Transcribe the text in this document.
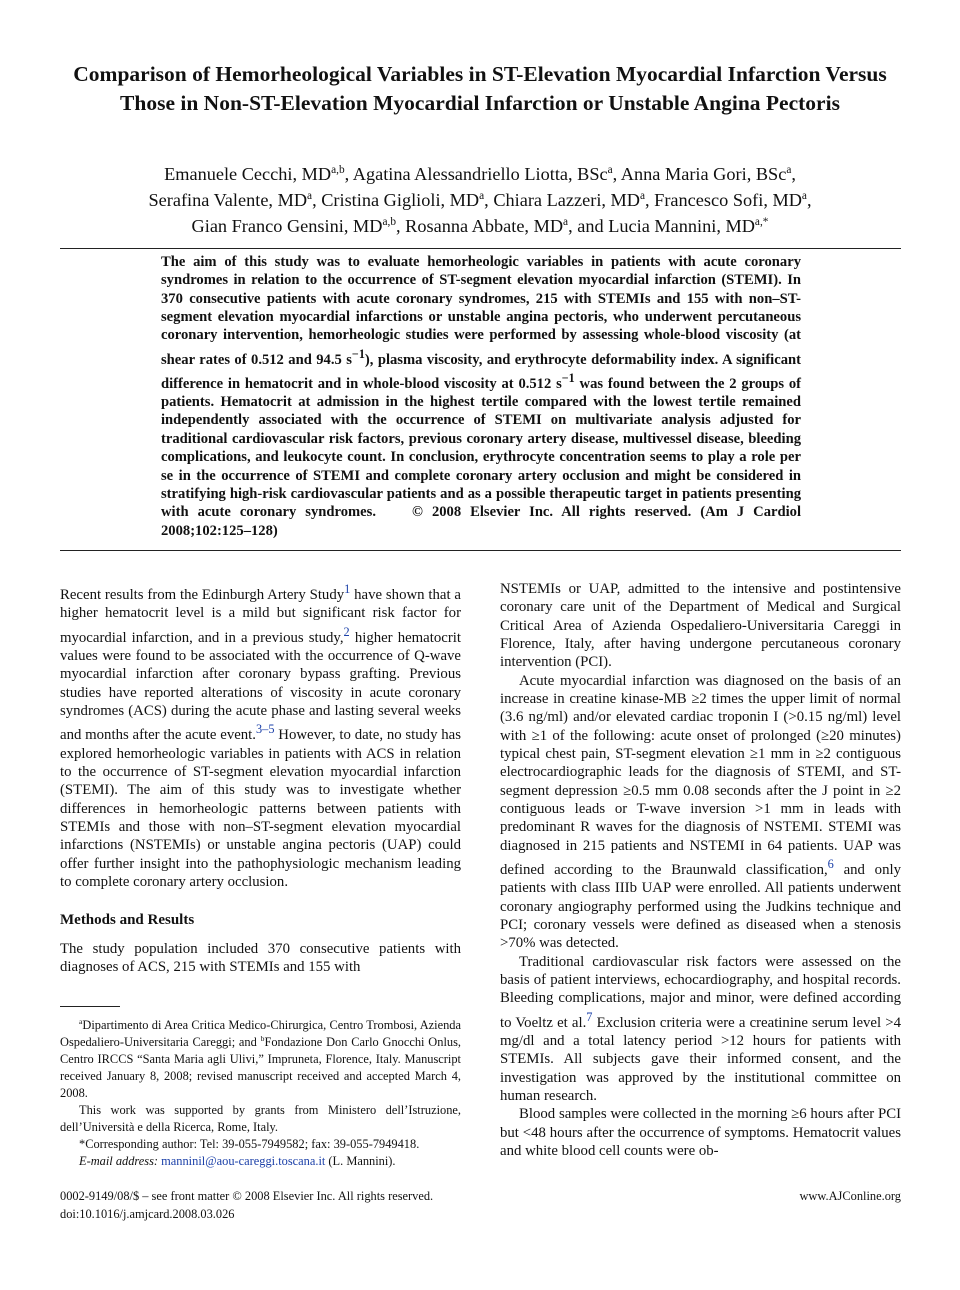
Comparison of Hemorheological Variables in ST-Elevation Myocardial Infarction Versus Those in Non-ST-Elevation Myocardial Infarction or Unstable Angina Pectoris
Emanuele Cecchi, MD$^{a,b}$, Agatina Alessandriello Liotta, BSc$^a$, Anna Maria Gori, BSc$^a$,
Serafina Valente, $MD^a$, Cristina Giglioli, $MD^a$, Chiara Lazzeri, $MD^a$, Francesco Sofi, $MD^a$,
Gian Franco Gensini, MD$^{a,b}$, Rosanna Abbate, $MD^a$, and Lucia Mannini, $MD^{a,*}$

The aim of this study was to evaluate hemorheologic variables in patients with acute coronary syndromes in relation to the occurrence of ST-segment elevation myocardial infarction (STEMI). In 370 consecutive patients with acute coronary syndromes, 215 with STEMIs and 155 with non–ST-segment elevation myocardial infarctions or unstable angina pectoris, who underwent percutaneous coronary intervention, hemorheologic studies were performed by assessing whole-blood viscosity (at shear rates of 0.512 and 94.5 $s^{-1}$), plasma viscosity, and erythrocyte deformability index. A significant difference in hematocrit and in whole-blood viscosity at 0.512 $s^{-1}$ was found between the 2 groups of patients. Hematocrit at admission in the highest tertile compared with the lowest tertile remained independently associated with the occurrence of STEMI on multivariate analysis adjusted for traditional cardiovascular risk factors, previous coronary artery disease, multivessel disease, bleeding complications, and leukocyte count. In conclusion, erythrocyte concentration seems to play a role per se in the occurrence of STEMI and complete coronary artery occlusion and might be considered in stratifying high-risk cardiovascular patients and as a possible therapeutic target in patients presenting with acute coronary syndromes. © 2008 Elsevier Inc. All rights reserved. (Am J Cardiol 2008;102:125–128)

Recent results from the Edinburgh Artery Study$^1$ have shown that a higher hematocrit level is a mild but significant risk factor for myocardial infarction, and in a previous study,$^2$ higher hematocrit values were found to be associated with the occurrence of Q-wave myocardial infarction after coronary bypass grafting. Previous studies have reported alterations of viscosity in acute coronary syndromes (ACS) during the acute phase and lasting several weeks and months after the acute event.$^{3-5}$ However, to date, no study has explored hemorheologic variables in patients with ACS in relation to the occurrence of ST-segment elevation myocardial infarction (STEMI). The aim of this study was to investigate whether differences in hemorheologic patterns between patients with STEMIs and those with non–ST-segment elevation myocardial infarctions (NSTEMIs) or unstable angina pectoris (UAP) could offer further insight into the pathophysiologic mechanism leading to complete coronary artery occlusion.

Methods and Results

The study population included 370 consecutive patients with diagnoses of ACS, 215 with STEMIs and 155 with

$^a$Dipartimento di Area Critica Medico-Chirurgica, Centro Trombosi, Azienda Ospedaliero-Universitaria Careggi; and $^b$Fondazione Don Carlo Gnocchi Onlus, Centro IRCCS “Santa Maria agli Ulivi,” Impruneta, Florence, Italy. Manuscript received January 8, 2008; revised manuscript received and accepted March 4, 2008.

This work was supported by grants from Ministero dell’Istruzione, dell’Università e della Ricerca, Rome, Italy.

*Corresponding author: Tel: 39-055-7949582; fax: 39-055-7949418.

E-mail address: manninil@aou-careggi.toscana.it (L. Mannini).

NSTEMIs or UAP, admitted to the intensive and postintensive coronary care unit of the Department of Medical and Surgical Critical Area of Azienda Ospedaliero-Universitaria Careggi in Florence, Italy, after having undergone percutaneous coronary intervention (PCI).

Acute myocardial infarction was diagnosed on the basis of an increase in creatine kinase-MB ≥2 times the upper limit of normal (3.6 ng/ml) and/or elevated cardiac troponin I (>0.15 ng/ml) level with ≥1 of the following: acute onset of prolonged (≥20 minutes) typical chest pain, ST-segment elevation ≥1 mm in ≥2 contiguous electrocardiographic leads for the diagnosis of STEMI, and ST-segment depression ≥0.5 mm 0.08 seconds after the J point in ≥2 contiguous leads or T-wave inversion >1 mm in leads with predominant R waves for the diagnosis of NSTEMI. STEMI was diagnosed in 215 patients and NSTEMI in 64 patients. UAP was defined according to the Braunwald classification,$^6$ and only patients with class IIIb UAP were enrolled. All patients underwent coronary angiography performed using the Judkins technique and PCI; coronary vessels were defined as diseased when a stenosis >70% was detected.

Traditional cardiovascular risk factors were assessed on the basis of patient interviews, echocardiography, and hospital records. Bleeding complications, major and minor, were defined according to Voeltz et al.$^7$ Exclusion criteria were a creatinine serum level >4 mg/dl and a total latency period >12 hours for patients with STEMIs. All subjects gave their informed consent, and the investigation was approved by the institutional committee on human research.

Blood samples were collected in the morning ≥6 hours after PCI but <48 hours after the occurrence of symptoms. Hematocrit values and white blood cell counts were ob-

0002-9149/08/$ – see front matter © 2008 Elsevier Inc. All rights reserved.
doi:10.1016/j.amjcard.2008.03.026
www.AJConline.org
